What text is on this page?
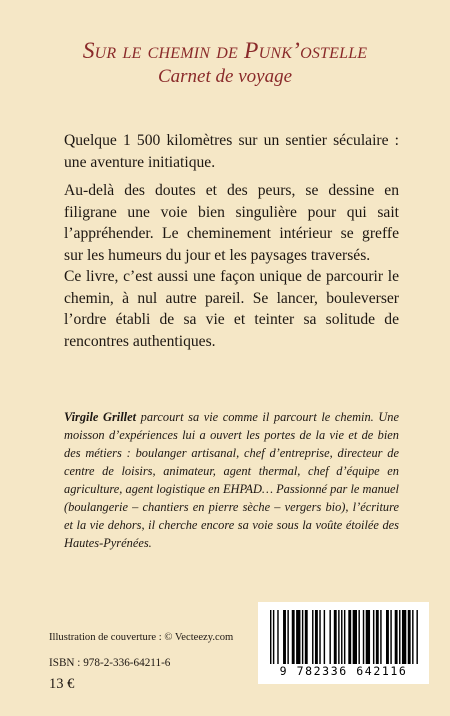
Sur le chemin de Punk’ostelle
Carnet de voyage

Quelque 1 500 kilomètres sur un sentier séculaire : une aventure initiatique.

Au-delà des doutes et des peurs, se dessine en filigrane une voie bien singulière pour qui sait l’appréhender. Le cheminement intérieur se greffe sur les humeurs du jour et les paysages traversés.

Ce livre, c’est aussi une façon unique de parcourir le chemin, à nul autre pareil. Se lancer, bouleverser l’ordre établi de sa vie et teinter sa solitude de rencontres authentiques.

Virgile Grillet parcourt sa vie comme il parcourt le chemin. Une moisson d’expériences lui a ouvert les portes de la vie et de bien des métiers : boulanger artisanal, chef d’entreprise, directeur de centre de loisirs, animateur, agent thermal, chef d’équipe en agriculture, agent logistique en EHPAD… Passionné par le manuel (boulangerie – chantiers en pierre sèche – vergers bio), l’écriture et la vie dehors, il cherche encore sa voie sous la voûte étoilée des Hautes-Pyrénées.

Illustration de couverture : © Vecteezy.com
ISBN : 978-2-336-64211-6
13 €
9 782336 642116
